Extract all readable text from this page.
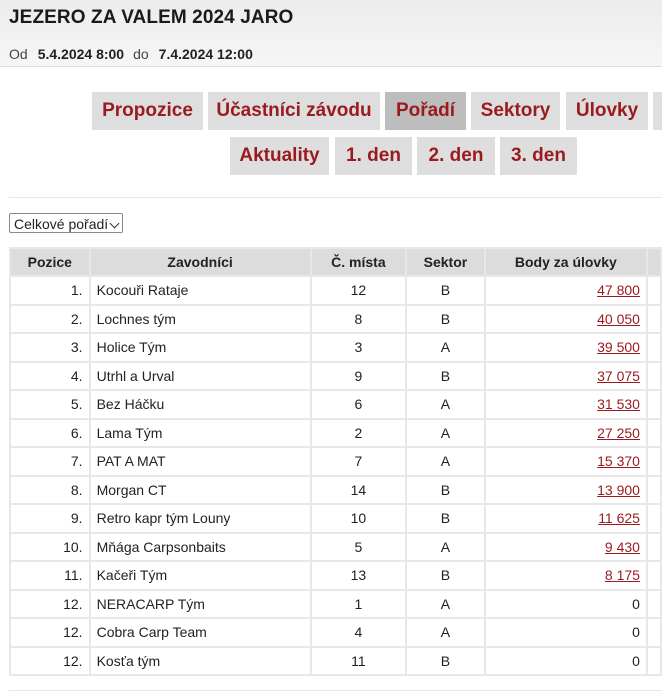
JEZERO ZA VALEM 2024 JARO
Od 5.4.2024 8:00 do 7.4.2024 12:00
Propozice	Účastníci závodu	Pořadí	Sektory	Úlovky
Aktuality	1. den	2. den	3. den
Celkové pořadí
Pozice	Zavodníci	Č. místa	Sektor	Body za úlovky	
1.	Kocouři Rataje	12	B	47 800	
2.	Lochnes tým	8	B	40 050	
3.	Holice Tým	3	A	39 500	
4.	Utrhl a Urval	9	B	37 075	
5.	Bez Háčku	6	A	31 530	
6.	Lama Tým	2	A	27 250	
7.	PAT A MAT	7	A	15 370	
8.	Morgan CT	14	B	13 900	
9.	Retro kapr tým Louny	10	B	11 625	
10.	Mňága Carpsonbaits	5	A	9 430	
11.	Kačeři Tým	13	B	8 175	
12.	NERACARP Tým	1	A	0	
12.	Cobra Carp Team	4	A	0	
12.	Kosťa tým	11	B	0	
